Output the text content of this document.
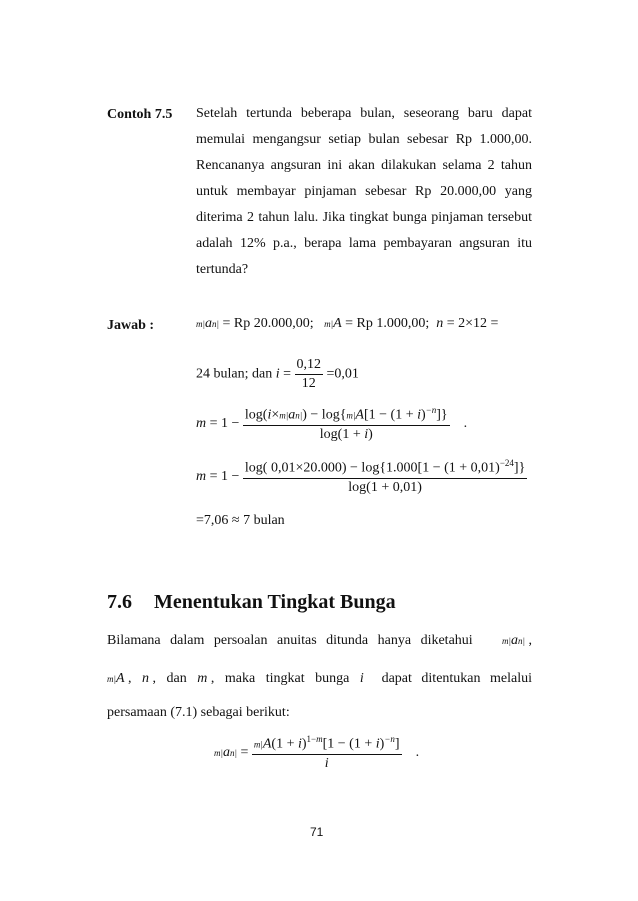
Contoh 7.5 Setelah tertunda beberapa bulan, seseorang baru dapat memulai mengangsur setiap bulan sebesar Rp 1.000,00. Rencananya angsuran ini akan dilakukan selama 2 tahun untuk membayar pinjaman sebesar Rp 20.000,00 yang diterima 2 tahun lalu. Jika tingkat bunga pinjaman tersebut adalah 12% p.a., berapa lama pembayaran angsuran itu tertunda?
Jawab :	m|an| = Rp 20.000,00; m|A = Rp 1.000,00; n = 2×12 =
24 bulan; dan $i = \frac{0,12}{12} =0,01$
$m = 1 - \frac{\log(i\times m|an|) - \log\{m|A[1 - (1 + i)^{-n}]\}}{\log(1 + i)}$ .
$m = 1 - \frac{\log( 0,01\times 20.000) - \log\{1.000[1 - (1 + 0,01)^{-24}]\}}{\log(1 + 0,01)}$
=7,06 ≈ 7 bulan
7.6 Menentukan Tingkat Bunga
Bilamana dalam persoalan anuitas ditunda hanya diketahui	m|an| ,
m|A ,   n ,   dan   m ,   maka   tingkat   bunga   i dapat ditentukan melalui
persamaan (7.1) sebagai berikut:
$m|an| = \frac{m|A(1 + i)^{1-m}[1 - (1 + i)^{-n}]}{i}$ .
71
